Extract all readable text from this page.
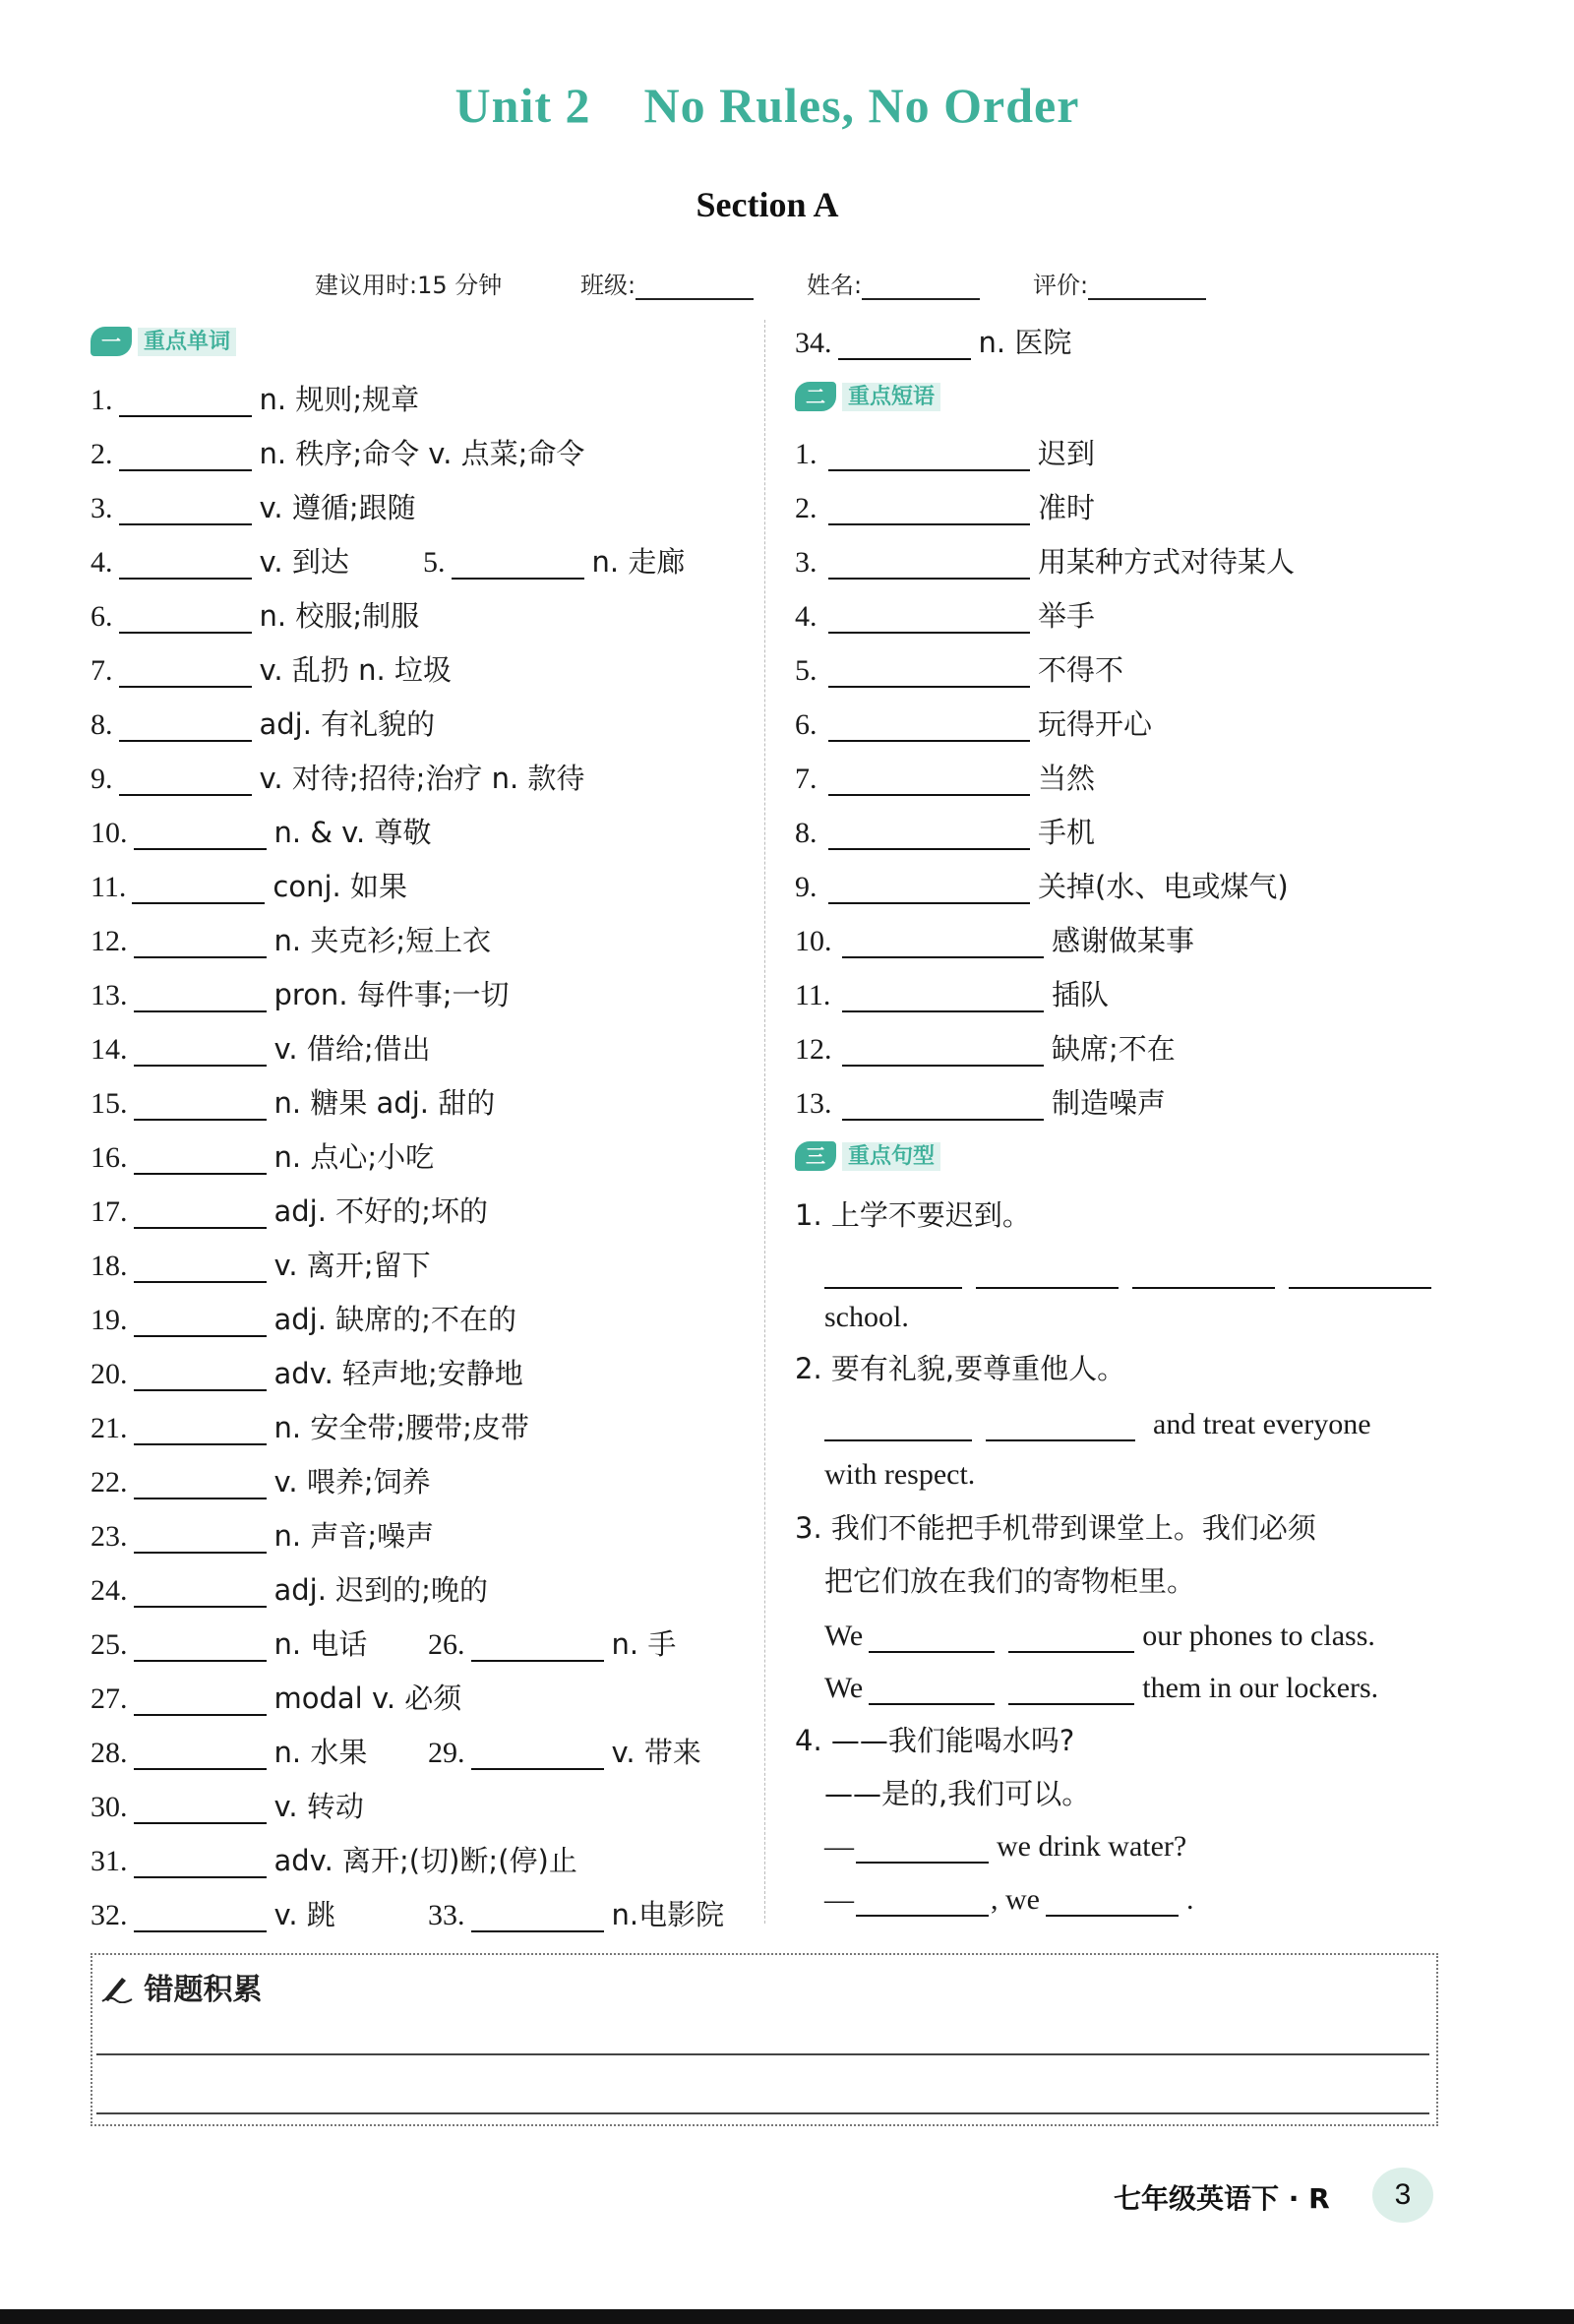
Unit 2    No Rules, No Order
Section A
建议用时:15 分钟	班级:	姓名:	评价:
一 重点单词
1.	n. 规则;规章
2.	n. 秩序;命令 v. 点菜;命令
3.	v. 遵循;跟随
4.	v. 到达	5.	n. 走廊
6.	n. 校服;制服
7.	v. 乱扔 n. 垃圾
8.	adj. 有礼貌的
9.	v. 对待;招待;治疗 n. 款待
10.	n. & v. 尊敬
11.	conj. 如果
12.	n. 夹克衫;短上衣
13.	pron. 每件事;一切
14.	v. 借给;借出
15.	n. 糖果 adj. 甜的
16.	n. 点心;小吃
17.	adj. 不好的;坏的
18.	v. 离开;留下
19.	adj. 缺席的;不在的
20.	adv. 轻声地;安静地
21.	n. 安全带;腰带;皮带
22.	v. 喂养;饲养
23.	n. 声音;噪声
24.	adj. 迟到的;晚的
25.	n. 电话 26.	n. 手
27.	modal v. 必须
28.	n. 水果 29.	v. 带来
30.	v. 转动
31.	adv. 离开;(切)断;(停)止
32.	v. 跳	33.	n.电影院
34.	n. 医院
二 重点短语
1.	迟到
2.	准时
3.	用某种方式对待某人
4.	举手
5.	不得不
6.	玩得开心
7.	当然
8.	手机
9.	关掉(水、电或煤气)
10.	感谢做某事
11.	插队
12.	缺席;不在
13.	制造噪声
三 重点句型
1. 上学不要迟到。
school.
2. 要有礼貌,要尊重他人。
and treat everyone
with respect.
3. 我们不能把手机带到课堂上。我们必须
把它们放在我们的寄物柜里。
We	our phones to class.
We	them in our lockers.
4. ——我们能喝水吗?
——是的,我们可以。
—	we drink water?
—	, we	.
错题积累
七年级英语下 · R	3
